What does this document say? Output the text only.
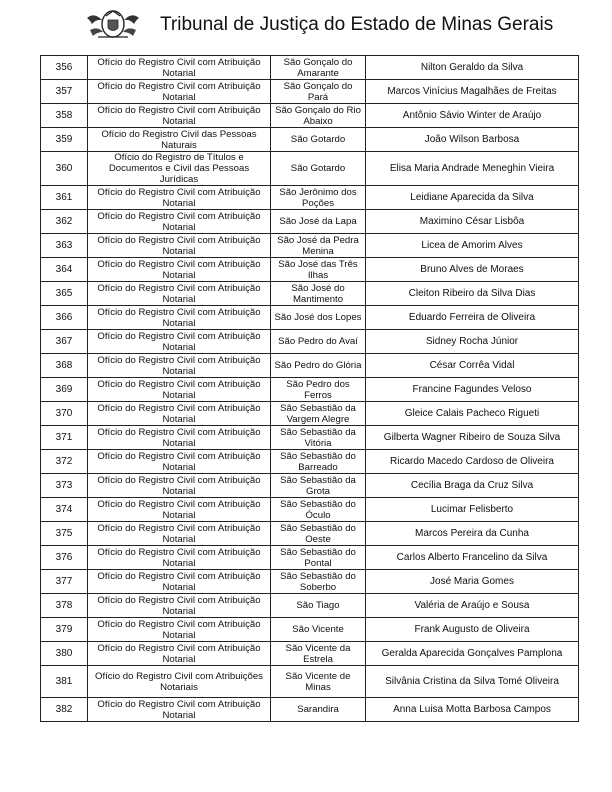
Tribunal de Justiça do Estado de Minas Gerais
356	Ofício do Registro Civil com Atribuição Notarial	São Gonçalo do Amarante	Nilton Geraldo da Silva
357	Ofício do Registro Civil com Atribuição Notarial	São Gonçalo do Pará	Marcos Vinícius Magalhães de Freitas
358	Ofício do Registro Civil com Atribuição Notarial	São Gonçalo do Rio Abaixo	Antônio Sávio Winter de Araújo
359	Ofício do Registro Civil das Pessoas Naturais	São Gotardo	João Wilson Barbosa
360	Ofício do Registro de Títulos e Documentos e Civil das Pessoas Jurídicas	São Gotardo	Elisa Maria Andrade Meneghin Vieira
361	Ofício do Registro Civil com Atribuição Notarial	São Jerônimo dos Poções	Leidiane Aparecida da Silva
362	Ofício do Registro Civil com Atribuição Notarial	São José da Lapa	Maximino César Lisbôa
363	Ofício do Registro Civil com Atribuição Notarial	São José da Pedra Menina	Licea de Amorim Alves
364	Ofício do Registro Civil com Atribuição Notarial	São José das Três Ilhas	Bruno Alves de Moraes
365	Ofício do Registro Civil com Atribuição Notarial	São José do Mantimento	Cleiton Ribeiro da Silva Dias
366	Ofício do Registro Civil com Atribuição Notarial	São José dos Lopes	Eduardo Ferreira de Oliveira
367	Ofício do Registro Civil com Atribuição Notarial	São Pedro do Avaí	Sidney Rocha Júnior
368	Ofício do Registro Civil com Atribuição Notarial	São Pedro do Glória	César Corrêa Vidal
369	Ofício do Registro Civil com Atribuição Notarial	São Pedro dos Ferros	Francine Fagundes Veloso
370	Ofício do Registro Civil com Atribuição Notarial	São Sebastião da Vargem Alegre	Gleice Calais Pacheco Rigueti
371	Ofício do Registro Civil com Atribuição Notarial	São Sebastião da Vitória	Gilberta Wagner Ribeiro de Souza Silva
372	Ofício do Registro Civil com Atribuição Notarial	São Sebastião do Barreado	Ricardo Macedo Cardoso de Oliveira
373	Ofício do Registro Civil com Atribuição Notarial	São Sebastião da Grota	Cecília Braga da Cruz Silva
374	Ofício do Registro Civil com Atribuição Notarial	São Sebastião do Óculo	Lucimar Felisberto
375	Ofício do Registro Civil com Atribuição Notarial	São Sebastião do Oeste	Marcos Pereira da Cunha
376	Ofício do Registro Civil com Atribuição Notarial	São Sebastião do Pontal	Carlos Alberto Francelino da Silva
377	Ofício do Registro Civil com Atribuição Notarial	São Sebastião do Soberbo	José Maria Gomes
378	Ofício do Registro Civil com Atribuição Notarial	São Tiago	Valéria de Araújo e Sousa
379	Ofício do Registro Civil com Atribuição Notarial	São Vicente	Frank Augusto de Oliveira
380	Ofício do Registro Civil com Atribuição Notarial	São Vicente da Estrela	Geralda Aparecida Gonçalves Pamplona
381	Ofício do Registro Civil com Atribuições Notariais	São Vicente de Minas	Silvânia Cristina da Silva Tomé Oliveira
382	Ofício do Registro Civil com Atribuição Notarial	Sarandira	Anna Luisa Motta Barbosa Campos
